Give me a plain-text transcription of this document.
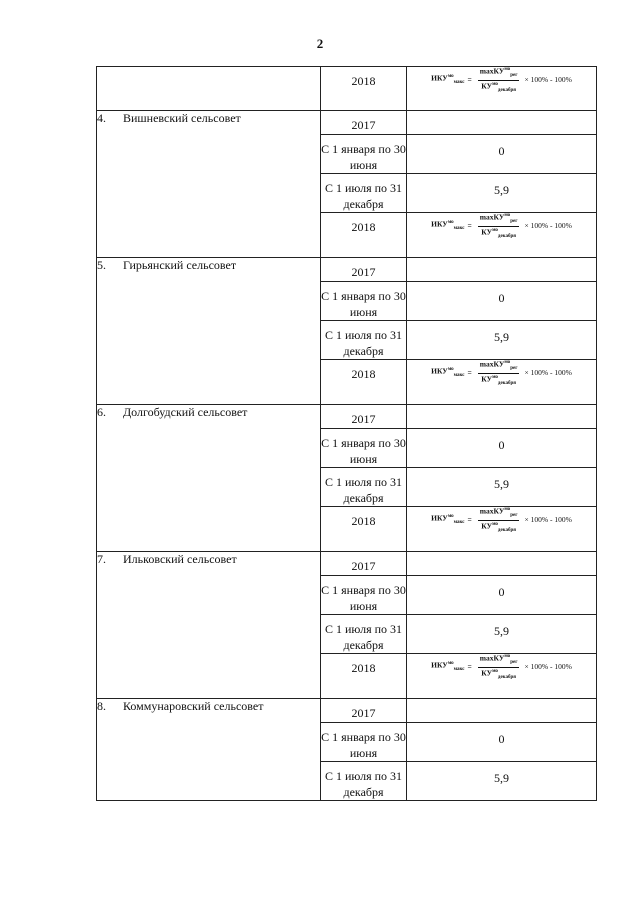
2

	2018	$ИКУ^{мо}_{макс} = \frac{\max КУ^{мо}_{рег}}{КУ^{мо}_{декабря}} \times 100\% - 100\%$

4. Вишневский сельсовет	2017	

	С 1 января по 30 июня	0

	С 1 июля по 31 декабря	5,9

	2018	$ИКУ^{мо}_{макс} = \frac{\max КУ^{мо}_{рег}}{КУ^{мо}_{декабря}} \times 100\% - 100\%$

5. Гирьянский сельсовет	2017	

	С 1 января по 30 июня	0

	С 1 июля по 31 декабря	5,9

	2018	$ИКУ^{мо}_{макс} = \frac{\max КУ^{мо}_{рег}}{КУ^{мо}_{декабря}} \times 100\% - 100\%$

6. Долгобудский сельсовет	2017	

	С 1 января по 30 июня	0

	С 1 июля по 31 декабря	5,9

	2018	$ИКУ^{мо}_{макс} = \frac{\max КУ^{мо}_{рег}}{КУ^{мо}_{декабря}} \times 100\% - 100\%$

7. Ильковский сельсовет	2017	

	С 1 января по 30 июня	0

	С 1 июля по 31 декабря	5,9

	2018	$ИКУ^{мо}_{макс} = \frac{\max КУ^{мо}_{рег}}{КУ^{мо}_{декабря}} \times 100\% - 100\%$

8. Коммунаровский сельсовет	2017	

	С 1 января по 30 июня	0

	С 1 июля по 31 декабря	5,9
